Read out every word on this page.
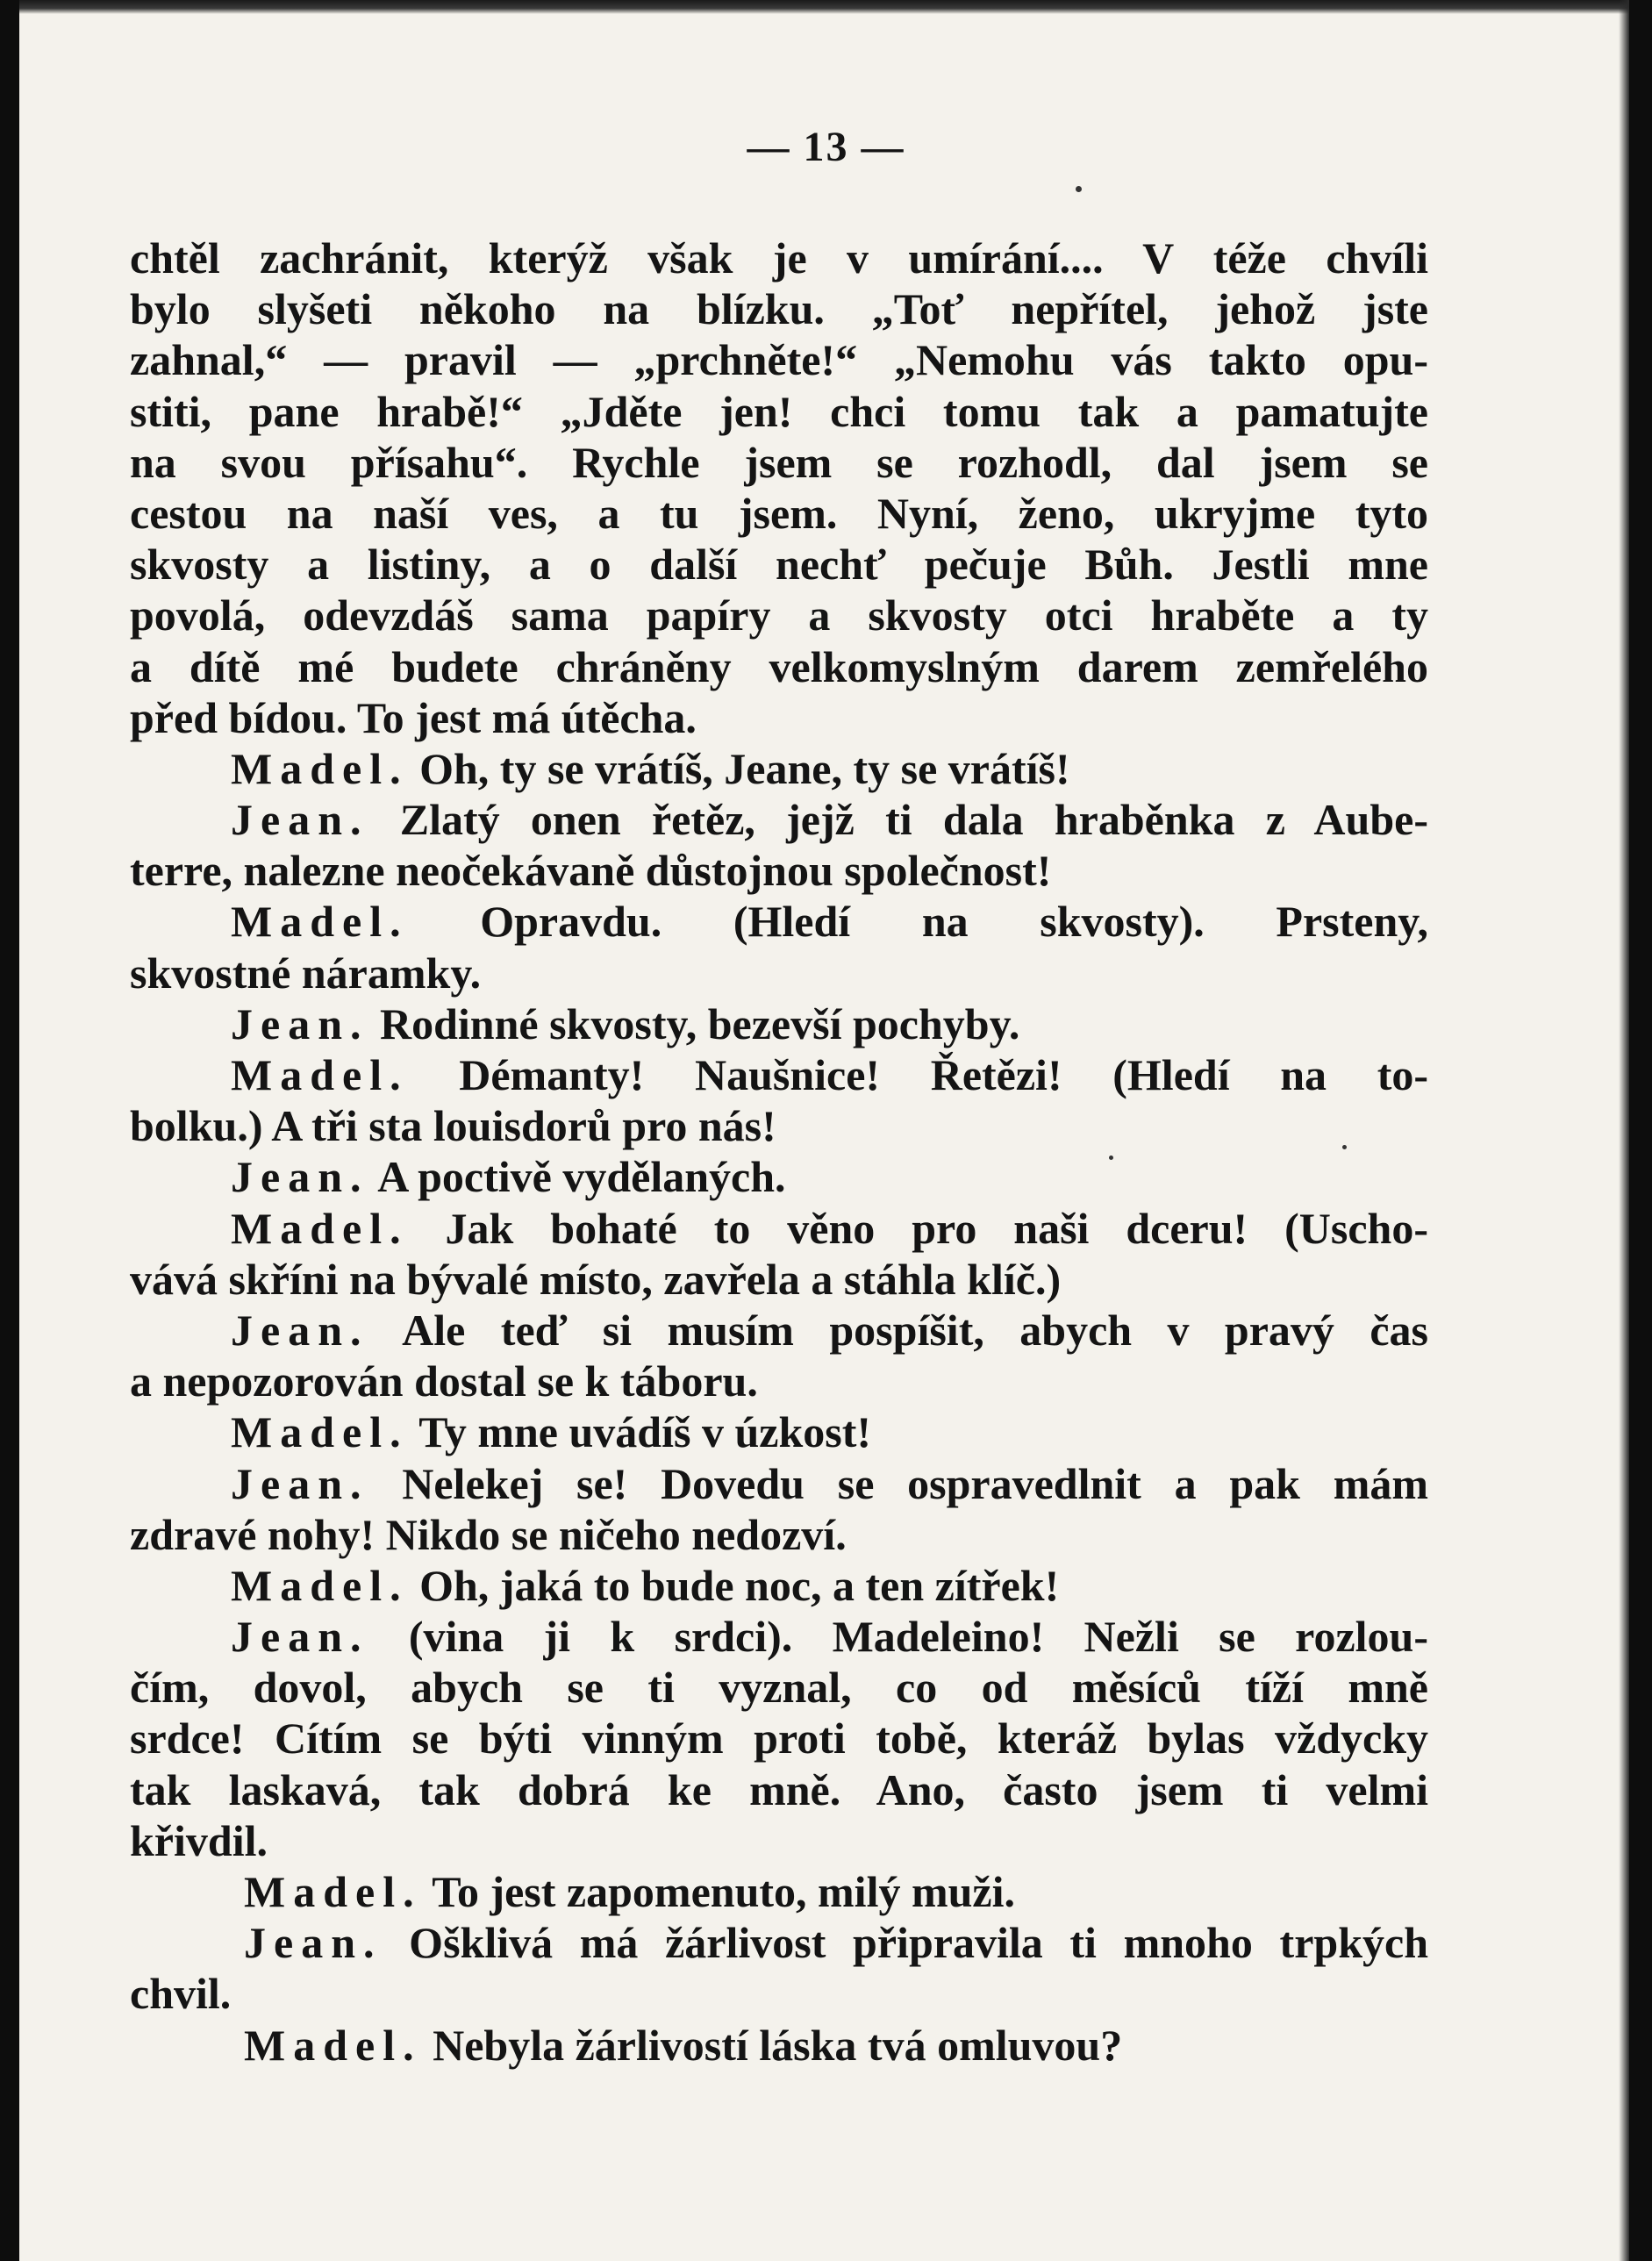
— 13 —
chtěl zachránit, kterýž však je v umírání.... V téže chvíli
bylo slyšeti někoho na blízku. „Toť nepřítel, jehož jste
zahnal,“ — pravil — „prchněte!“ „Nemohu vás takto opu-
stiti, pane hrabě!“ „Jděte jen! chci tomu tak a pamatujte
na svou přísahu“. Rychle jsem se rozhodl, dal jsem se
cestou na naší ves, a tu jsem. Nyní, ženo, ukryjme tyto
skvosty a listiny, a o další nechť pečuje Bůh. Jestli mne
povolá, odevzdáš sama papíry a skvosty otci hraběte a ty
a dítě mé budete chráněny velkomyslným darem zemřelého
před bídou. To jest má útěcha.
Madel. Oh, ty se vrátíš, Jeane, ty se vrátíš!
Jean. Zlatý onen řetěz, jejž ti dala hraběnka z Aube-
terre, nalezne neočekávaně důstojnou společnost!
Madel. Opravdu. (Hledí na skvosty). Prsteny,
skvostné náramky.
Jean. Rodinné skvosty, bezevší pochyby.
Madel. Démanty! Naušnice! Řetězi! (Hledí na to-
bolku.) A tři sta louisdorů pro nás!
Jean. A poctivě vydělaných.
Madel. Jak bohaté to věno pro naši dceru! (Uscho-
vává skříni na bývalé místo, zavřela a stáhla klíč.)
Jean. Ale teď si musím pospíšit, abych v pravý čas
a nepozorován dostal se k táboru.
Madel. Ty mne uvádíš v úzkost!
Jean. Nelekej se! Dovedu se ospravedlnit a pak mám
zdravé nohy! Nikdo se ničeho nedozví.
Madel. Oh, jaká to bude noc, a ten zítřek!
Jean. (vina ji k srdci). Madeleino! Nežli se rozlou-
čím, dovol, abych se ti vyznal, co od měsíců tíží mně
srdce! Cítím se býti vinným proti tobě, kteráž bylas vždycky
tak laskavá, tak dobrá ke mně. Ano, často jsem ti velmi
křivdil.
Madel. To jest zapomenuto, milý muži.
Jean. Ošklivá má žárlivost připravila ti mnoho trpkých
chvil.
Madel. Nebyla žárlivostí láska tvá omluvou?
